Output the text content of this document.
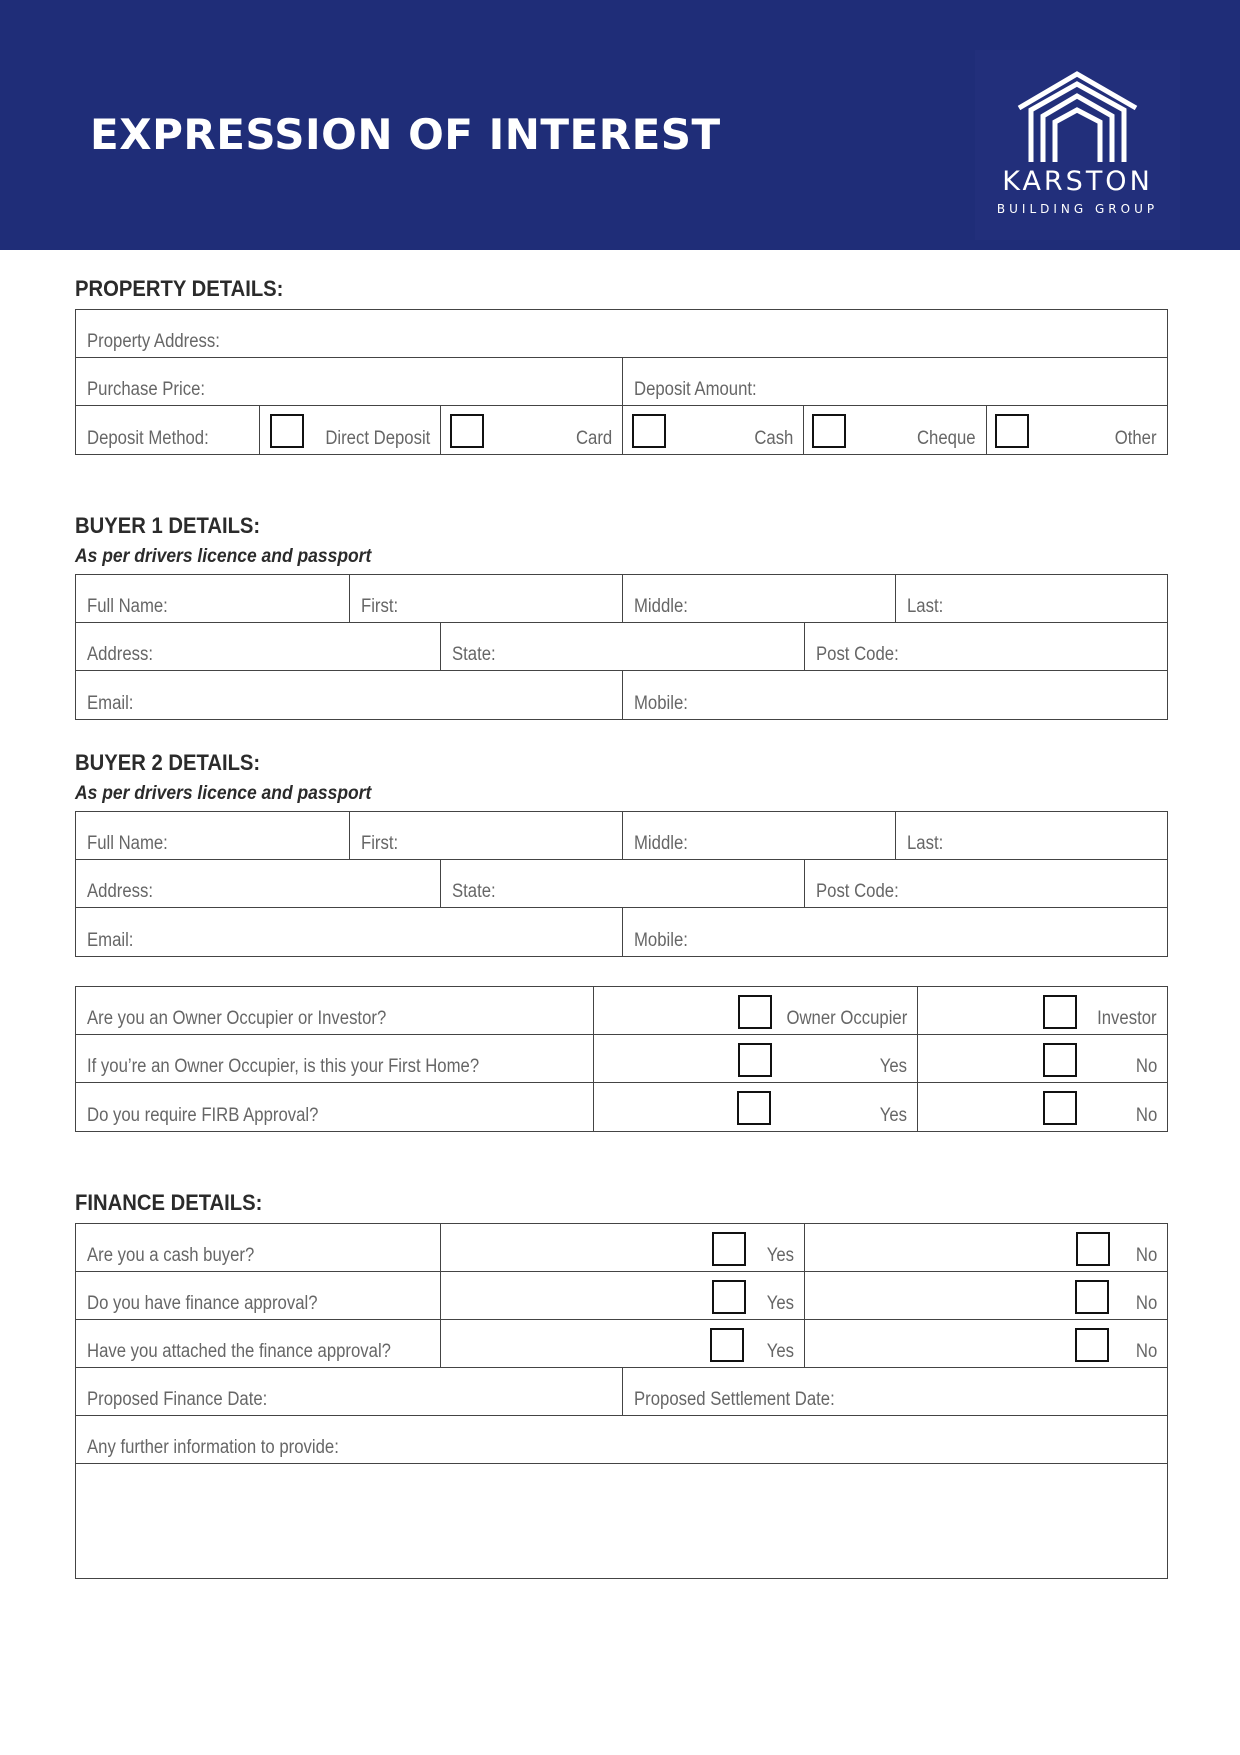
EXPRESSION OF INTEREST
KARSTON
BUILDING GROUP
PROPERTY DETAILS:
Property Address:
Purchase Price:	Deposit Amount:
Deposit Method:	Direct Deposit	Card	Cash	Cheque	Other
BUYER 1 DETAILS:

As per drivers licence and passport

Full Name:	First:	Middle:	Last:
Address:	State:	Post Code:
Email:	Mobile:
BUYER 2 DETAILS:

As per drivers licence and passport

Full Name:	First:	Middle:	Last:
Address:	State:	Post Code:
Email:	Mobile:
Are you an Owner Occupier or Investor?	Owner Occupier	Investor
If you’re an Owner Occupier, is this your First Home?	Yes	No
Do you require FIRB Approval?	Yes	No
FINANCE DETAILS:
Are you a cash buyer?	Yes	No
Do you have finance approval?	Yes	No
Have you attached the finance approval?	Yes	No
Proposed Finance Date:	Proposed Settlement Date:
Any further information to provide:
